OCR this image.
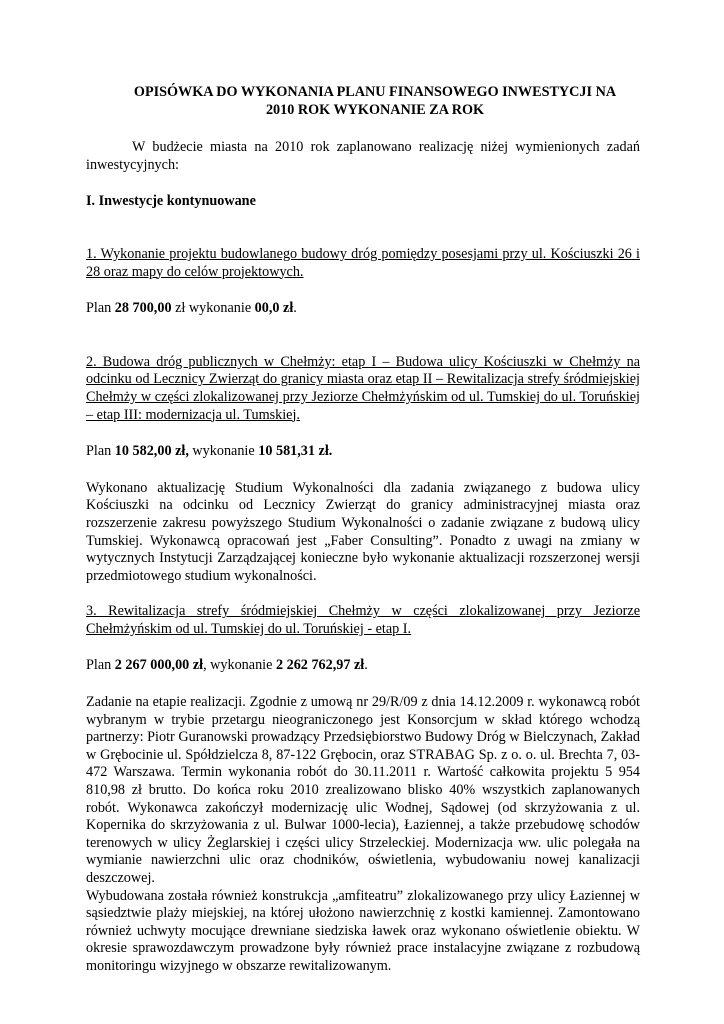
OPISÓWKA DO WYKONANIA PLANU FINANSOWEGO INWESTYCJI NA
2010 ROK WYKONANIE ZA ROK

W budżecie miasta na 2010 rok zaplanowano realizację niżej wymienionych zadań inwestycyjnych:

I. Inwestycje kontynuowane

1. Wykonanie projektu budowlanego budowy dróg pomiędzy posesjami przy ul. Kościuszki 26 i 28 oraz mapy do celów projektowych.

Plan 28 700,00 zł wykonanie 00,0 zł.

2. Budowa dróg publicznych w Chełmży: etap I – Budowa ulicy Kościuszki w Chełmży na odcinku od Lecznicy Zwierząt do granicy miasta oraz etap II – Rewitalizacja strefy śródmiejskiej Chełmży w części zlokalizowanej przy Jeziorze Chełmżyńskim od ul. Tumskiej do ul. Toruńskiej – etap III: modernizacja ul. Tumskiej.

Plan 10 582,00 zł, wykonanie 10 581,31 zł.

Wykonano aktualizację Studium Wykonalności dla zadania związanego z budowa ulicy Kościuszki na odcinku od Lecznicy Zwierząt do granicy administracyjnej miasta oraz rozszerzenie zakresu powyższego Studium Wykonalności o zadanie związane z budową ulicy Tumskiej. Wykonawcą opracowań jest „Faber Consulting”. Ponadto z uwagi na zmiany w wytycznych Instytucji Zarządzającej konieczne było wykonanie aktualizacji rozszerzonej wersji przedmiotowego studium wykonalności.

3. Rewitalizacja strefy śródmiejskiej Chełmży w części zlokalizowanej przy Jeziorze Chełmżyńskim od ul. Tumskiej do ul. Toruńskiej - etap I.

Plan 2 267 000,00 zł, wykonanie 2 262 762,97 zł.

Zadanie na etapie realizacji. Zgodnie z umową nr 29/R/09 z dnia 14.12.2009 r. wykonawcą robót wybranym w trybie przetargu nieograniczonego jest Konsorcjum w skład którego wchodzą partnerzy: Piotr Guranowski prowadzący Przedsiębiorstwo Budowy Dróg w Bielczynach, Zakład w Grębocinie ul. Spółdzielcza 8, 87-122 Grębocin, oraz STRABAG Sp. z o. o. ul. Brechta 7, 03-472 Warszawa. Termin wykonania robót do 30.11.2011 r. Wartość całkowita projektu 5 954 810,98 zł brutto. Do końca roku 2010 zrealizowano blisko 40% wszystkich zaplanowanych robót. Wykonawca zakończył modernizację ulic Wodnej, Sądowej (od skrzyżowania z ul. Kopernika do skrzyżowania z ul. Bulwar 1000-lecia), Łaziennej, a także przebudowę schodów terenowych w ulicy Żeglarskiej i części ulicy Strzeleckiej. Modernizacja ww. ulic polegała na wymianie nawierzchni ulic oraz chodników, oświetlenia, wybudowaniu nowej kanalizacji deszczowej.

Wybudowana została również konstrukcja „amfiteatru” zlokalizowanego przy ulicy Łaziennej w sąsiedztwie plaży miejskiej, na której ułożono nawierzchnię z kostki kamiennej. Zamontowano również uchwyty mocujące drewniane siedziska ławek oraz wykonano oświetlenie obiektu. W okresie sprawozdawczym prowadzone były również prace instalacyjne związane z rozbudową monitoringu wizyjnego w obszarze rewitalizowanym.
